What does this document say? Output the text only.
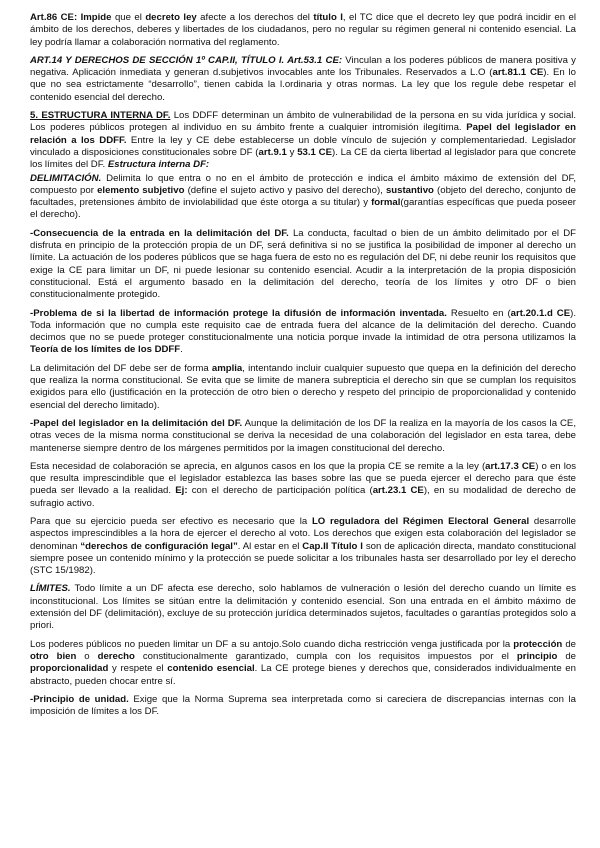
Art.86 CE: Impide que el decreto ley afecte a los derechos del título I, el TC dice que el decreto ley que podrá incidir en el ámbito de los derechos, deberes y libertades de los ciudadanos, pero no regular su régimen general ni contenido esencial. La ley podría llamar a colaboración normativa del reglamento.

ART.14 Y DERECHOS DE SECCIÓN 1º CAP.II, TÍTULO I. Art.53.1 CE: Vinculan a los poderes públicos de manera positiva y negativa. Aplicación inmediata y generan d.subjetivos invocables ante los Tribunales. Reservados a L.O (art.81.1 CE). En lo que no sea estrictamente “desarrollo”, tienen cabida la l.ordinaria y otras normas. La ley que los regule debe respetar el contenido esencial del derecho.

5. ESTRUCTURA INTERNA DF. Los DDFF determinan un ámbito de vulnerabilidad de la persona en su vida jurídica y social. Los poderes públicos protegen al individuo en su ámbito frente a cualquier intromisión ilegítima. Papel del legislador en relación a los DDFF. Entre la ley y CE debe establecerse un doble vínculo de sujeción y complementariedad. Legislador vinculado a disposiciones constitucionales sobre DF (art.9.1 y 53.1 CE). La CE da cierta libertad al legislador para que concrete los límites del DF. Estructura interna DF:

DELIMITACIÓN. Delimita lo que entra o no en el ámbito de protección e indica el ámbito máximo de extensión del DF, compuesto por elemento subjetivo (define el sujeto activo y pasivo del derecho), sustantivo (objeto del derecho, conjunto de facultades, pretensiones ámbito de inviolabilidad que éste otorga a su titular) y formal(garantías específicas que pueda poseer el derecho).

-Consecuencia de la entrada en la delimitación del DF. La conducta, facultad o bien de un ámbito delimitado por el DF disfruta en principio de la protección propia de un DF, será definitiva si no se justifica la posibilidad de imponer al derecho un límite. La actuación de los poderes públicos que se haga fuera de esto no es regulación del DF, ni debe reunir los requisitos que exige la CE para limitar un DF, ni puede lesionar su contenido esencial. Acudir a la interpretación de la propia disposición constitucional. Está el argumento basado en la delimitación del derecho, teoría de los límites y otro DF o bien constitucionalmente protegido.

-Problema de si la libertad de información protege la difusión de información inventada. Resuelto en (art.20.1.d CE). Toda información que no cumpla este requisito cae de entrada fuera del alcance de la delimitación del derecho. Cuando decimos que no se puede proteger constitucionalmente una noticia porque invade la intimidad de otra persona utilizamos la Teoría de los límites de los DDFF.

La delimitación del DF debe ser de forma amplia, intentando incluir cualquier supuesto que quepa en la definición del derecho que realiza la norma constitucional. Se evita que se limite de manera subrepticia el derecho sin que se cumplan los requisitos exigidos para ello (justificación en la protección de otro bien o derecho y respeto del principio de proporcionalidad y contenido esencial del derecho limitado).

-Papel del legislador en la delimitación del DF. Aunque la delimitación de los DF la realiza en la mayoría de los casos la CE, otras veces de la misma norma constitucional se deriva la necesidad de una colaboración del legislador en esta tarea, debe mantenerse siempre dentro de los márgenes permitidos por la imagen constitucional del derecho.

Esta necesidad de colaboración se aprecia, en algunos casos en los que la propia CE se remite a la ley (art.17.3 CE) o en los que resulta imprescindible que el legislador establezca las bases sobre las que se pueda ejercer el derecho para que éste pueda ser llevado a la realidad. Ej: con el derecho de participación política (art.23.1 CE), en su modalidad de derecho de sufragio activo.

Para que su ejercicio pueda ser efectivo es necesario que la LO reguladora del Régimen Electoral General desarrolle aspectos imprescindibles a la hora de ejercer el derecho al voto. Los derechos que exigen esta colaboración del legislador se denominan “derechos de configuración legal”. Al estar en el Cap.II Título I son de aplicación directa, mandato constitucional siempre posee un contenido mínimo y la protección se puede solicitar a los tribunales hasta ser desarrollado por ley el derecho (STC 15/1982).

LÍMITES. Todo límite a un DF afecta ese derecho, solo hablamos de vulneración o lesión del derecho cuando un límite es inconstitucional. Los límites se sitúan entre la delimitación y contenido esencial. Son una entrada en el ámbito máximo de extensión del DF (delimitación), excluye de su protección jurídica determinados sujetos, facultades o garantías protegidos solo a priori.

Los poderes públicos no pueden limitar un DF a su antojo.Solo cuando dicha restricción venga justificada por la protección de otro bien o derecho constitucionalmente garantizado, cumpla con los requisitos impuestos por el principio de proporcionalidad y respete el contenido esencial. La CE protege bienes y derechos que, considerados individualmente en abstracto, pueden chocar entre sí.

-Principio de unidad. Exige que la Norma Suprema sea interpretada como si careciera de discrepancias internas con la imposición de límites a los DF.
